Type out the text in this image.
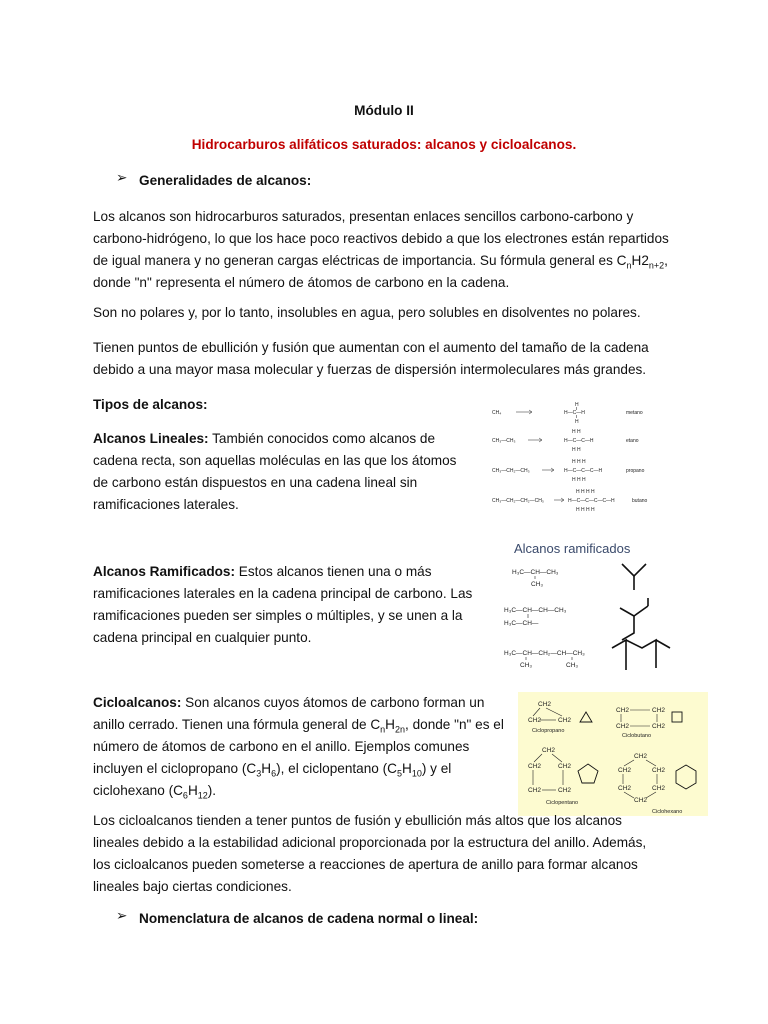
Módulo II
Hidrocarburos alifáticos saturados: alcanos y cicloalcanos.
➢ Generalidades de alcanos:
Los alcanos son hidrocarburos saturados, presentan enlaces sencillos carbono-carbono y carbono-hidrógeno, lo que los hace poco reactivos debido a que los electrones están repartidos de igual manera y no generan cargas eléctricas de importancia. Su fórmula general es $C_nH2_{n+2}$, donde "n" representa el número de átomos de carbono en la cadena.
Son no polares y, por lo tanto, insolubles en agua, pero solubles en disolventes no polares.
Tienen puntos de ebullición y fusión que aumentan con el aumento del tamaño de la cadena debido a una mayor masa molecular y fuerzas de dispersión intermoleculares más grandes.
Tipos de alcanos:
Alcanos Lineales: También conocidos como alcanos de cadena recta, son aquellas moléculas en las que los átomos de carbono están dispuestos en una cadena lineal sin ramificaciones laterales.
CH₄
H
H—C—H
H
metano
CH₃—CH₃
H H
H—C—C—H
H H
etano
CH₃—CH₂—CH₃
H H H
H—C—C—C—H
H H H
propano
CH₃—CH₂—CH₂—CH₃
H H H H
H—C—C—C—C—H
H H H H
butano
Alcanos Ramificados: Estos alcanos tienen una o más ramificaciones laterales en la cadena principal de carbono. Las ramificaciones pueden ser simples o múltiples, y se unen a la cadena principal en cualquier punto.
Alcanos ramificados
H₃C—CH—CH₃
CH₃
H₃C—CH—CH—CH₃
H₃C—CH—
H₃C—CH—CH₂—CH—CH₃
CH₃	CH₃
Cicloalcanos: Son alcanos cuyos átomos de carbono forman un anillo cerrado. Tienen una fórmula general de $C_nH_{2n}$, donde "n" es el número de átomos de carbono en el anillo. Ejemplos comunes incluyen el ciclopropano $(C_3H_6)$, el ciclopentano $(C_5H_{10})$ y el ciclohexano $(C_6H_{12})$.
CH2
CH2	CH2
Ciclopropano
CH2	CH2
CH2	CH2
Ciclobutano
CH2
CH2	CH2
CH2	CH2
Ciclopentano
CH2
CH2	CH2
CH2	CH2
CH2
Ciclohexano
Los cicloalcanos tienden a tener puntos de fusión y ebullición más altos que los alcanos lineales debido a la estabilidad adicional proporcionada por la estructura del anillo. Además, los cicloalcanos pueden someterse a reacciones de apertura de anillo para formar alcanos lineales bajo ciertas condiciones.
➢ Nomenclatura de alcanos de cadena normal o lineal:
